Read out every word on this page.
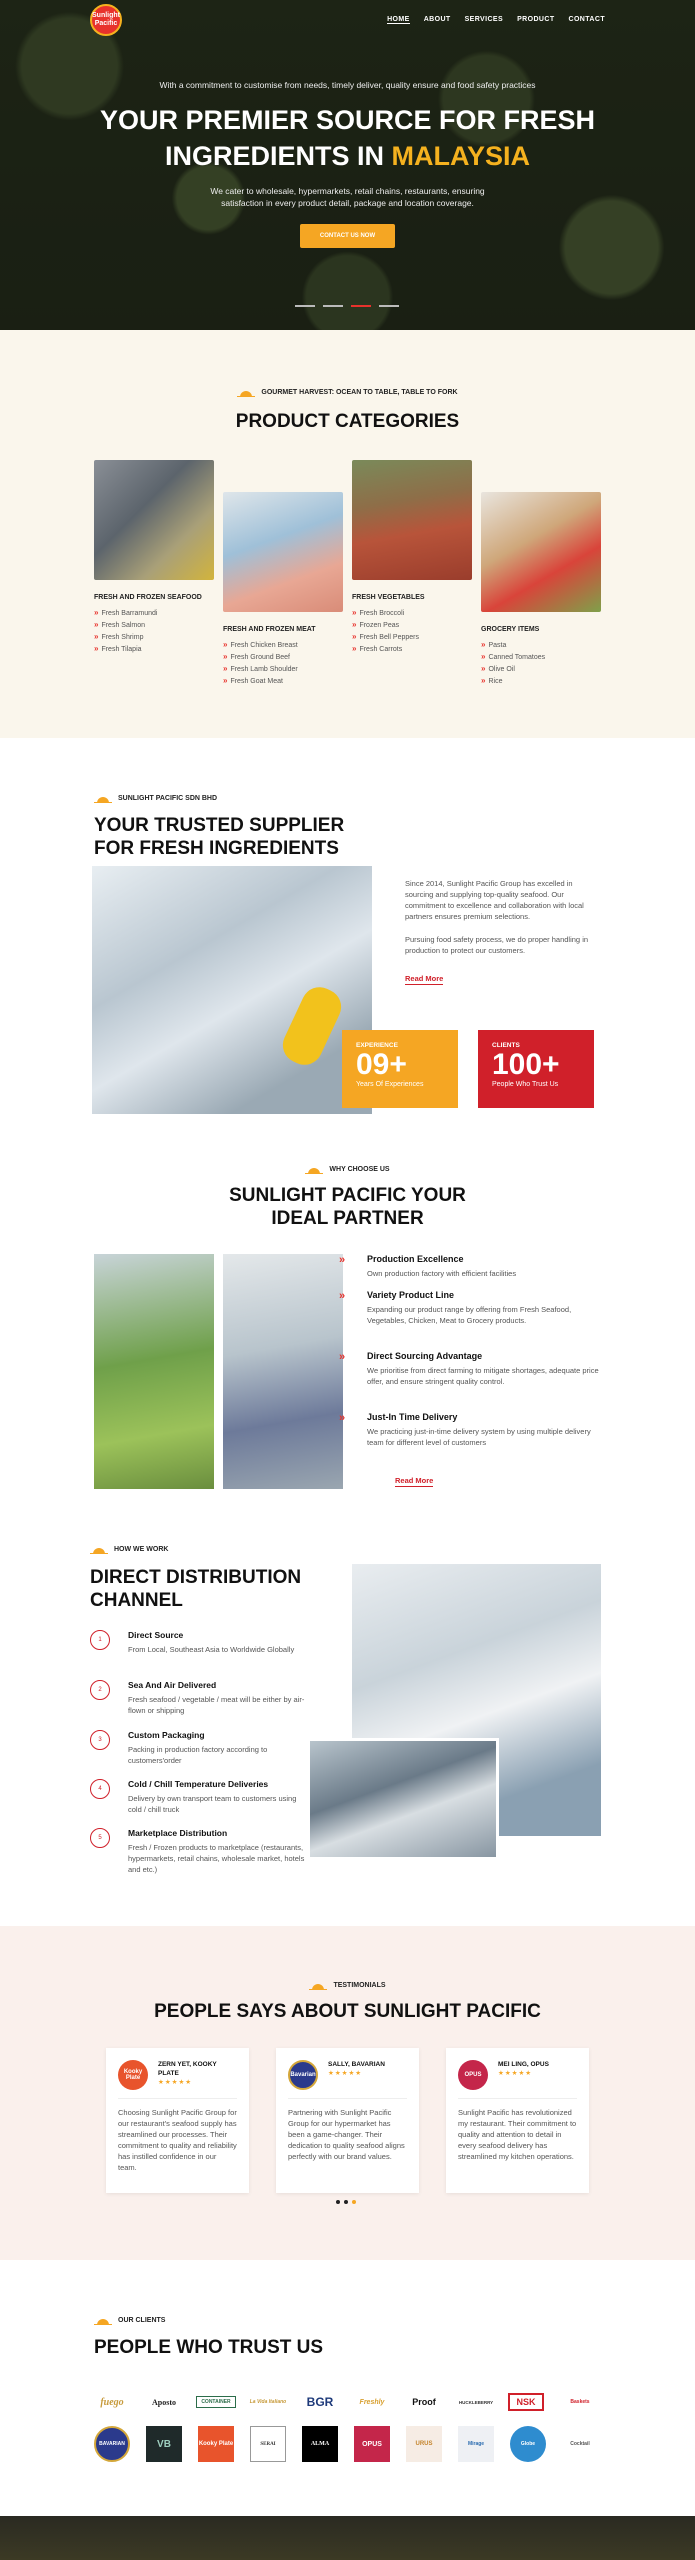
Sunlight Pacific
HOME ABOUT SERVICES PRODUCT CONTACT
With a commitment to customise from needs, timely deliver, quality ensure and food safety practices
YOUR PREMIER SOURCE FOR FRESH
INGREDIENTS IN MALAYSIA
We cater to wholesale, hypermarkets, retail chains, restaurants, ensuring satisfaction in every product detail, package and location coverage.
CONTACT US NOW
GOURMET HARVEST: OCEAN TO TABLE, TABLE TO FORK
PRODUCT CATEGORIES
FRESH AND FROZEN SEAFOOD
» Fresh Barramundi
» Fresh Salmon
» Fresh Shrimp
» Fresh Tilapia
FRESH AND FROZEN MEAT
» Fresh Chicken Breast
» Fresh Ground Beef
» Fresh Lamb Shoulder
» Fresh Goat Meat
FRESH VEGETABLES
» Fresh Broccoli
» Frozen Peas
» Fresh Bell Peppers
» Fresh Carrots
GROCERY ITEMS
» Pasta
» Canned Tomatoes
» Olive Oil
» Rice
SUNLIGHT PACIFIC SDN BHD
YOUR TRUSTED SUPPLIER
FOR FRESH INGREDIENTS

Since 2014, Sunlight Pacific Group has excelled in sourcing and supplying top-quality seafood. Our commitment to excellence and collaboration with local partners ensures premium selections.

Pursuing food safety process, we do proper handling in production to protect our customers.

Read More
EXPERIENCE
09+
Years Of Experiences
CLIENTS
100+
People Who Trust Us
WHY CHOOSE US
SUNLIGHT PACIFIC YOUR
IDEAL PARTNER
» Production Excellence
Own production factory with efficient facilities
» Variety Product Line
Expanding our product range by offering from Fresh Seafood, Vegetables, Chicken, Meat to Grocery products.
» Direct Sourcing Advantage
We prioritise from direct farming to mitigate shortages, adequate price offer, and ensure stringent quality control.
» Just-In Time Delivery
We practicing just-in-time delivery system by using multiple delivery team for different level of customers
Read More
HOW WE WORK
DIRECT DISTRIBUTION
CHANNEL
1	Direct Source
From Local, Southeast Asia to Worldwide Globally
2	Sea And Air Delivered
Fresh seafood / vegetable / meat will be either by air-flown or shipping
3	Custom Packaging
Packing in production factory according to customers'order
4	Cold / Chill Temperature Deliveries
Delivery by own transport team to customers using cold / chill truck
5	Marketplace Distribution
Fresh / Frozen products to marketplace (restaurants, hypermarkets, retail chains, wholesale market, hotels and etc.)
TESTIMONIALS
PEOPLE SAYS ABOUT SUNLIGHT PACIFIC
Kooky Plate
ZERN YET, KOOKY PLATE
★★★★★
Choosing Sunlight Pacific Group for our restaurant's seafood supply has streamlined our processes. Their commitment to quality and reliability has instilled confidence in our team.
Bavarian
SALLY, BAVARIAN
★★★★★
Partnering with Sunlight Pacific Group for our hypermarket has been a game-changer. Their dedication to quality seafood aligns perfectly with our brand values.
OPUS
MEI LING, OPUS
★★★★★
Sunlight Pacific has revolutionized my restaurant. Their commitment to quality and attention to detail in every seafood delivery has streamlined my kitchen operations.
OUR CLIENTS
PEOPLE WHO TRUST US
fuego	Aposto	CONTAINER	La Vida Italiano	BGR	Freshly	Proof	HUCKLEBERRY	NSK	Baskets
BAVARIAN	VB	Kooky Plate	SERAI	ALMA	OPUS	URUS	Mirage	Globe	Cocktail
